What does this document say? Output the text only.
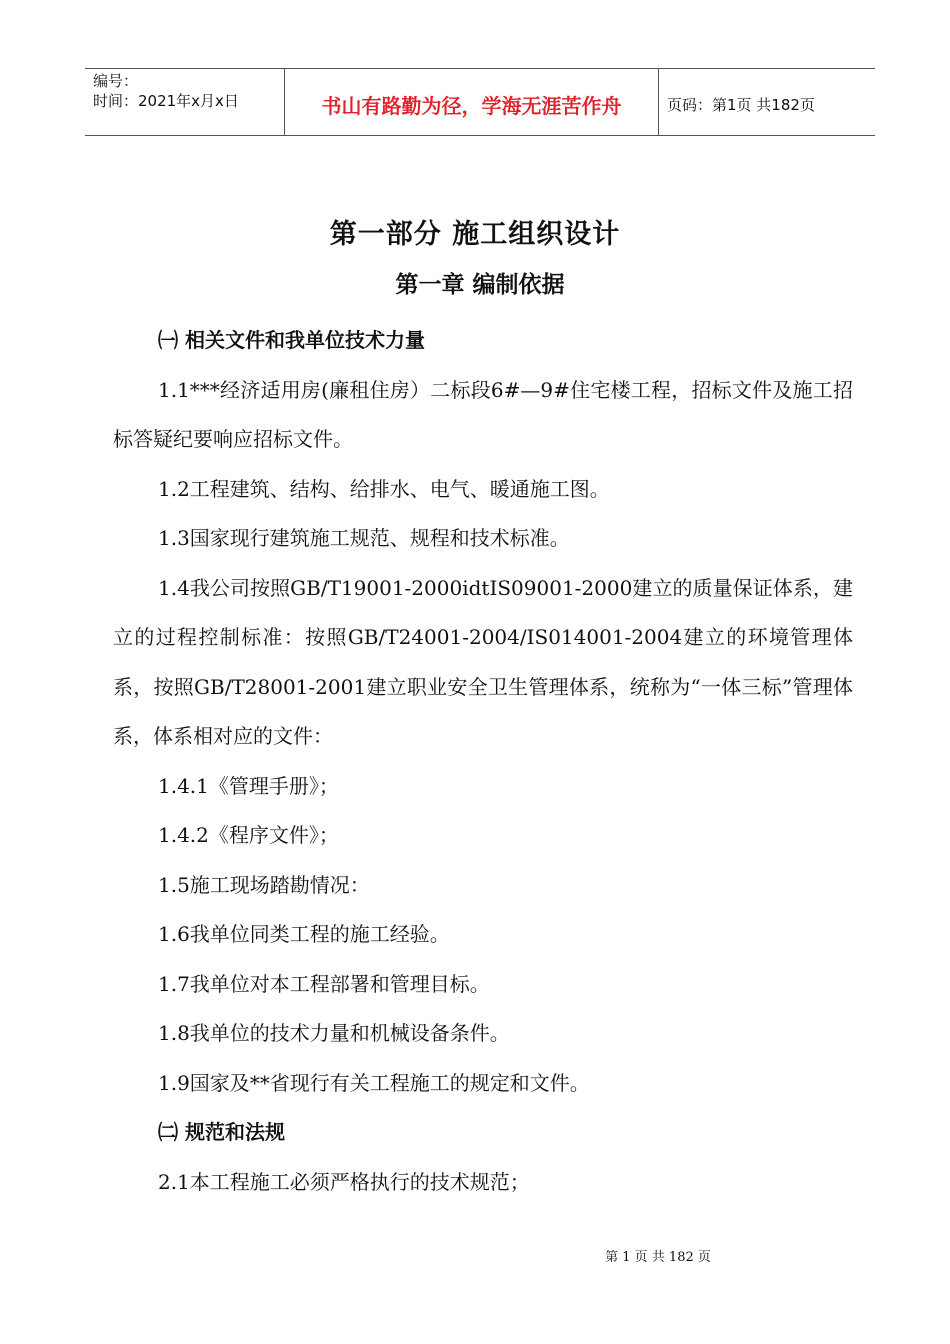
编号：
时间：2021年x月x日	书山有路勤为径，学海无涯苦作舟	页码：第1页 共182页
第一部分 施工组织设计
第一章 编制依据

㈠ 相关文件和我单位技术力量

1.1***经济适用房(廉租住房）二标段6#—9#住宅楼工程，招标文件及施工招标答疑纪要响应招标文件。

1.2工程建筑、结构、给排水、电气、暖通施工图。

1.3国家现行建筑施工规范、规程和技术标准。

1.4我公司按照GB/T19001-2000idtIS09001-2000建立的质量保证体系，建立的过程控制标准：按照GB/T24001-2004/IS014001-2004建立的环境管理体系，按照GB/T28001-2001建立职业安全卫生管理体系，统称为“一体三标”管理体系，体系相对应的文件：

1.4.1《管理手册》；

1.4.2《程序文件》；

1.5施工现场踏勘情况：

1.6我单位同类工程的施工经验。

1.7我单位对本工程部署和管理目标。

1.8我单位的技术力量和机械设备条件。

1.9国家及**省现行有关工程施工的规定和文件。

㈡ 规范和法规

2.1本工程施工必须严格执行的技术规范；

第 1 页 共 182 页
